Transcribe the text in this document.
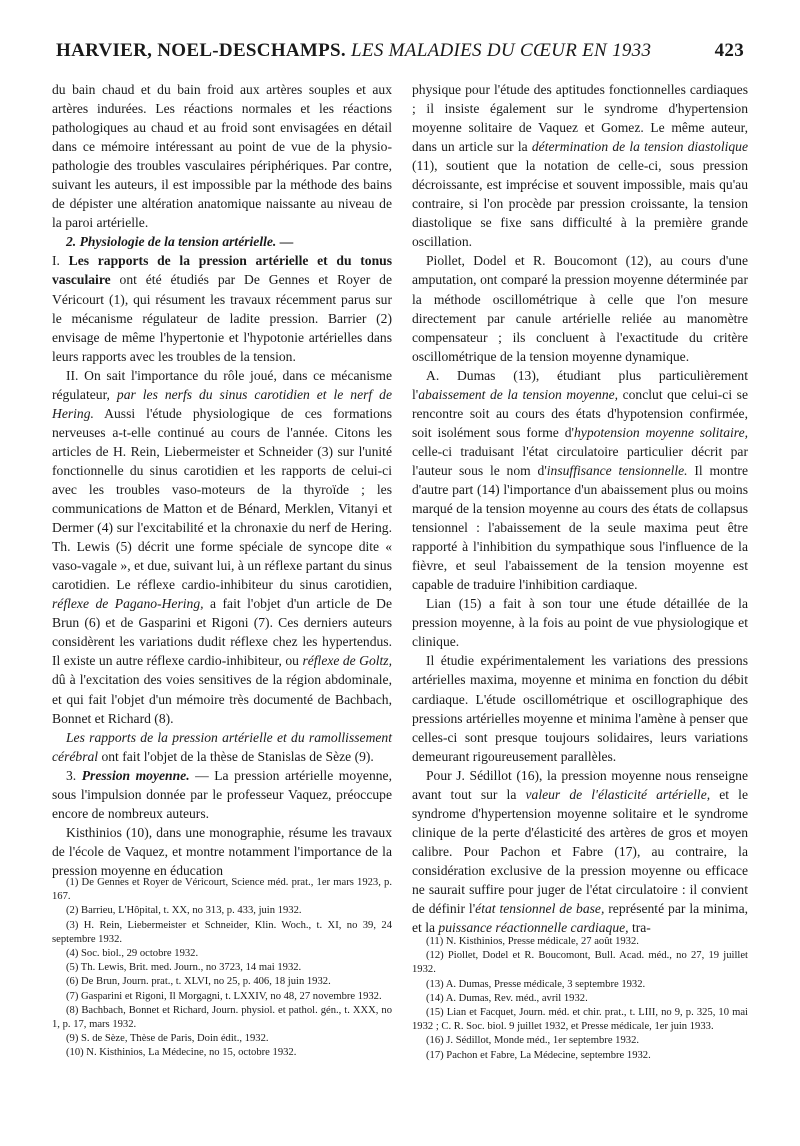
HARVIER, NOEL-DESCHAMPS. LES MALADIES DU CŒUR EN 1933	423

du bain chaud et du bain froid aux artères souples et aux artères indurées. Les réactions normales et les réactions pathologiques au chaud et au froid sont envisagées en détail dans ce mémoire intéressant au point de vue de la physio-pathologie des troubles vasculaires périphériques. Par contre, suivant les auteurs, il est impossible par la méthode des bains de dépister une altération anatomique naissante au niveau de la paroi artérielle.

2. Physiologie de la tension artérielle. —

I. Les rapports de la pression artérielle et du tonus vasculaire ont été étudiés par De Gennes et Royer de Véricourt (1), qui résument les travaux récemment parus sur le mécanisme régulateur de ladite pression. Barrier (2) envisage de même l'hypertonie et l'hypotonie artérielles dans leurs rapports avec les troubles de la tension.

II. On sait l'importance du rôle joué, dans ce mécanisme régulateur, par les nerfs du sinus carotidien et le nerf de Hering. Aussi l'étude physiologique de ces formations nerveuses a-t-elle continué au cours de l'année. Citons les articles de H. Rein, Liebermeister et Schneider (3) sur l'unité fonctionnelle du sinus carotidien et les rapports de celui-ci avec les troubles vaso-moteurs de la thyroïde ; les communications de Matton et de Bénard, Merklen, Vitanyi et Dermer (4) sur l'excitabilité et la chronaxie du nerf de Hering. Th. Lewis (5) décrit une forme spéciale de syncope dite « vaso-vagale », et due, suivant lui, à un réflexe partant du sinus carotidien. Le réflexe cardio-inhibiteur du sinus carotidien, réflexe de Pagano-Hering, a fait l'objet d'un article de De Brun (6) et de Gasparini et Rigoni (7). Ces derniers auteurs considèrent les variations dudit réflexe chez les hypertendus. Il existe un autre réflexe cardio-inhibiteur, ou réflexe de Goltz, dû à l'excitation des voies sensitives de la région abdominale, et qui fait l'objet d'un mémoire très documenté de Bachbach, Bonnet et Richard (8).

Les rapports de la pression artérielle et du ramollissement cérébral ont fait l'objet de la thèse de Stanislas de Sèze (9).

3. Pression moyenne. — La pression artérielle moyenne, sous l'impulsion donnée par le professeur Vaquez, préoccupe encore de nombreux auteurs.

Kisthinios (10), dans une monographie, résume les travaux de l'école de Vaquez, et montre notamment l'importance de la pression moyenne en éducation

physique pour l'étude des aptitudes fonctionnelles cardiaques ; il insiste également sur le syndrome d'hypertension moyenne solitaire de Vaquez et Gomez. Le même auteur, dans un article sur la détermination de la tension diastolique (11), soutient que la notation de celle-ci, sous pression décroissante, est imprécise et souvent impossible, mais qu'au contraire, si l'on procède par pression croissante, la tension diastolique se fixe sans difficulté à la première grande oscillation.

Piollet, Dodel et R. Boucomont (12), au cours d'une amputation, ont comparé la pression moyenne déterminée par la méthode oscillométrique à celle que l'on mesure directement par canule artérielle reliée au manomètre compensateur ; ils concluent à l'exactitude du critère oscillométrique de la tension moyenne dynamique.

A. Dumas (13), étudiant plus particulièrement l'abaissement de la tension moyenne, conclut que celui-ci se rencontre soit au cours des états d'hypotension confirmée, soit isolément sous forme d'hypotension moyenne solitaire, celle-ci traduisant l'état circulatoire particulier décrit par l'auteur sous le nom d'insuffisance tensionnelle. Il montre d'autre part (14) l'importance d'un abaissement plus ou moins marqué de la tension moyenne au cours des états de collapsus tensionnel : l'abaissement de la seule maxima peut être rapporté à l'inhibition du sympathique sous l'influence de la fièvre, et seul l'abaissement de la tension moyenne est capable de traduire l'inhibition cardiaque.

Lian (15) a fait à son tour une étude détaillée de la pression moyenne, à la fois au point de vue physiologique et clinique.

Il étudie expérimentalement les variations des pressions artérielles maxima, moyenne et minima en fonction du débit cardiaque. L'étude oscillométrique et oscillographique des pressions artérielles moyenne et minima l'amène à penser que celles-ci sont presque toujours solidaires, leurs variations demeurant rigoureusement parallèles.

Pour J. Sédillot (16), la pression moyenne nous renseigne avant tout sur la valeur de l'élasticité artérielle, et le syndrome d'hypertension moyenne solitaire et le syndrome clinique de la perte d'élasticité des artères de gros et moyen calibre. Pour Pachon et Fabre (17), au contraire, la considération exclusive de la pression moyenne ou efficace ne saurait suffire pour juger de l'état circulatoire : il convient de définir l'état tensionnel de base, représenté par la minima, et la puissance réactionnelle cardiaque, tra-

(1) De Gennes et Royer de Véricourt, Science méd. prat., 1er mars 1923, p. 167.

(2) Barrieu, L'Hôpital, t. XX, no 313, p. 433, juin 1932.

(3) H. Rein, Liebermeister et Schneider, Klin. Woch., t. XI, no 39, 24 septembre 1932.

(4) Soc. biol., 29 octobre 1932.

(5) Th. Lewis, Brit. med. Journ., no 3723, 14 mai 1932.

(6) De Brun, Journ. prat., t. XLVI, no 25, p. 406, 18 juin 1932.

(7) Gasparini et Rigoni, Il Morgagni, t. LXXIV, no 48, 27 novembre 1932.

(8) Bachbach, Bonnet et Richard, Journ. physiol. et pathol. gén., t. XXX, no 1, p. 17, mars 1932.

(9) S. de Sèze, Thèse de Paris, Doin édit., 1932.

(10) N. Kisthinios, La Médecine, no 15, octobre 1932.

(11) N. Kisthinios, Presse médicale, 27 août 1932.

(12) Piollet, Dodel et R. Boucomont, Bull. Acad. méd., no 27, 19 juillet 1932.

(13) A. Dumas, Presse médicale, 3 septembre 1932.

(14) A. Dumas, Rev. méd., avril 1932.

(15) Lian et Facquet, Journ. méd. et chir. prat., t. LIII, no 9, p. 325, 10 mai 1932 ; C. R. Soc. biol. 9 juillet 1932, et Presse médicale, 1er juin 1933.

(16) J. Sédillot, Monde méd., 1er septembre 1932.

(17) Pachon et Fabre, La Médecine, septembre 1932.
